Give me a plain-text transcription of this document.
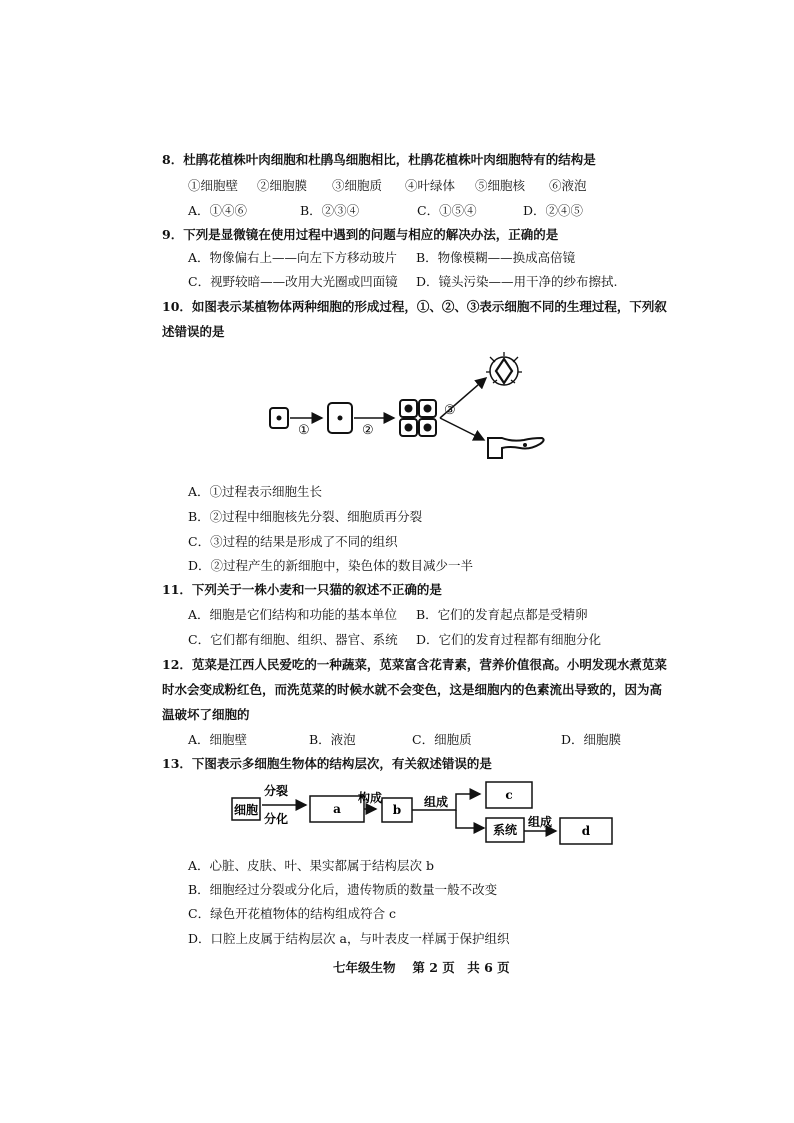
8．杜鹃花植株叶肉细胞和杜鹃鸟细胞相比，杜鹃花植株叶肉细胞特有的结构是
①细胞壁 ②细胞膜 ③细胞质 ④叶绿体 ⑤细胞核 ⑥液泡
A．①④⑥	B．②③④	C．①⑤④	D．②④⑤
9．下列是显微镜在使用过程中遇到的问题与相应的解决办法，正确的是
A．物像偏右上——向左下方移动玻片 B．物像模糊——换成高倍镜
C．视野较暗——改用大光圈或凹面镜 D．镜头污染——用干净的纱布擦拭.
10．如图表示某植物体两种细胞的形成过程，①、②、③表示细胞不同的生理过程，下列叙
述错误的是
①	②
③
A．①过程表示细胞生长
B．②过程中细胞核先分裂、细胞质再分裂
C．③过程的结果是形成了不同的组织
D．②过程产生的新细胞中，染色体的数目减少一半
11．下列关于一株小麦和一只猫的叙述不正确的是
A．细胞是它们结构和功能的基本单位 B．它们的发育起点都是受精卵
C．它们都有细胞、组织、器官、系统 D．它们的发育过程都有细胞分化
12．苋菜是江西人民爱吃的一种蔬菜，苋菜富含花青素，营养价值很高。小明发现水煮苋菜
时水会变成粉红色，而洗苋菜的时候水就不会变色，这是细胞内的色素流出导致的，因为高
温破坏了细胞的
A．细胞壁	B．液泡	C．细胞质	D．细胞膜
13．下图表示多细胞生物体的结构层次，有关叙述错误的是
细胞
分裂
分化
a
构成
b
组成	c
系统
组成
d
A．心脏、皮肤、叶、果实都属于结构层次 b
B．细胞经过分裂或分化后，遗传物质的数量一般不改变
C．绿色开花植物体的结构组成符合 c
D．口腔上皮属于结构层次 a，与叶表皮一样属于保护组织
七年级生物　 第 2 页　共 6 页
